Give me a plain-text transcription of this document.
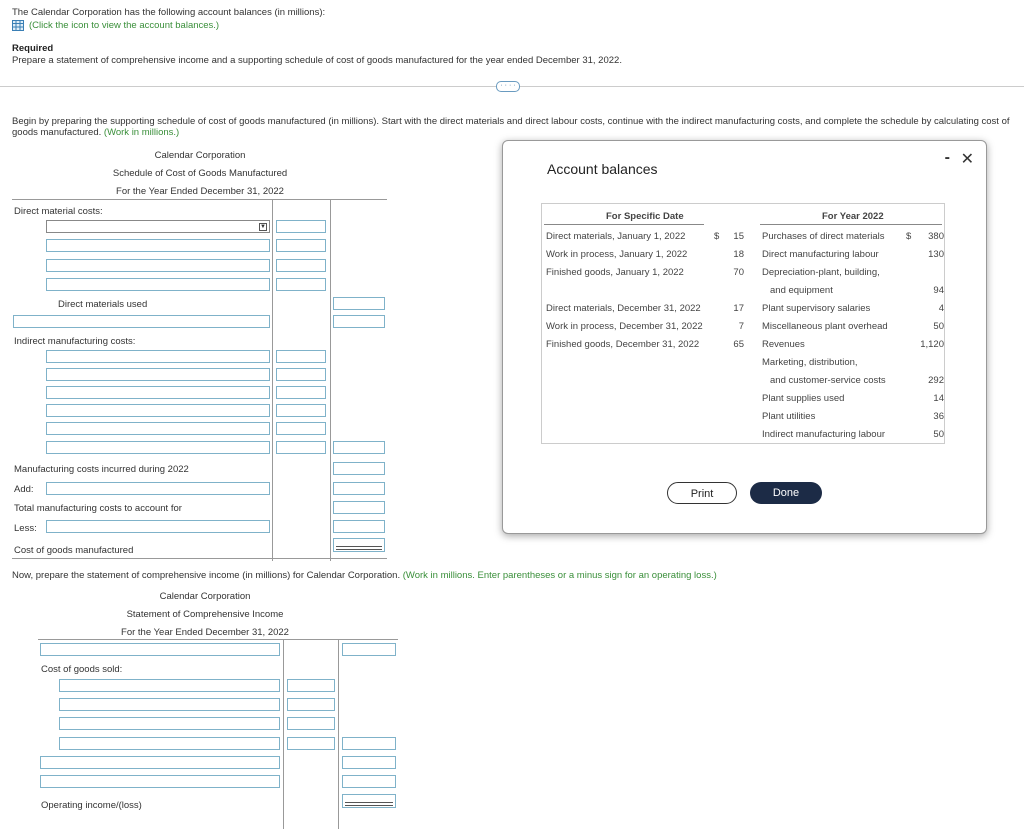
The Calendar Corporation has the following account balances (in millions):
(Click the icon to view the account balances.)
Required
Prepare a statement of comprehensive income and a supporting schedule of cost of goods manufactured for the year ended December 31, 2022.
· · · ·
Begin by preparing the supporting schedule of cost of goods manufactured (in millions). Start with the direct materials and direct labour costs, continue with the indirect manufacturing costs, and complete the schedule by calculating cost of
goods manufactured. (Work in millions.)
Calendar Corporation
Schedule of Cost of Goods Manufactured
For the Year Ended December 31, 2022
Direct material costs:
▼
Direct materials used
Indirect manufacturing costs:
Manufacturing costs incurred during 2022
Add:
Total manufacturing costs to account for
Less:
Cost of goods manufactured
Now, prepare the statement of comprehensive income (in millions) for Calendar Corporation. (Work in millions. Enter parentheses or a minus sign for an operating loss.)
Calendar Corporation
Statement of Comprehensive Income
For the Year Ended December 31, 2022
Cost of goods sold:
Operating income/(loss)
Account balances
- ✕
For Specific Date	For Year 2022
Direct materials, January 1, 2022	$	15
Work in process, January 1, 2022	18
Finished goods, January 1, 2022	70
Direct materials, December 31, 2022	17
Work in process, December 31, 2022	7
Finished goods, December 31, 2022	65
Purchases of direct materials $	380
Direct manufacturing labour	130
Depreciation-plant, building,
and equipment	94
Plant supervisory salaries	4
Miscellaneous plant overhead	50
Revenues	1,120
Marketing, distribution,
and customer-service costs	292
Plant supplies used	14
Plant utilities	36
Indirect manufacturing labour	50
Print	Done
